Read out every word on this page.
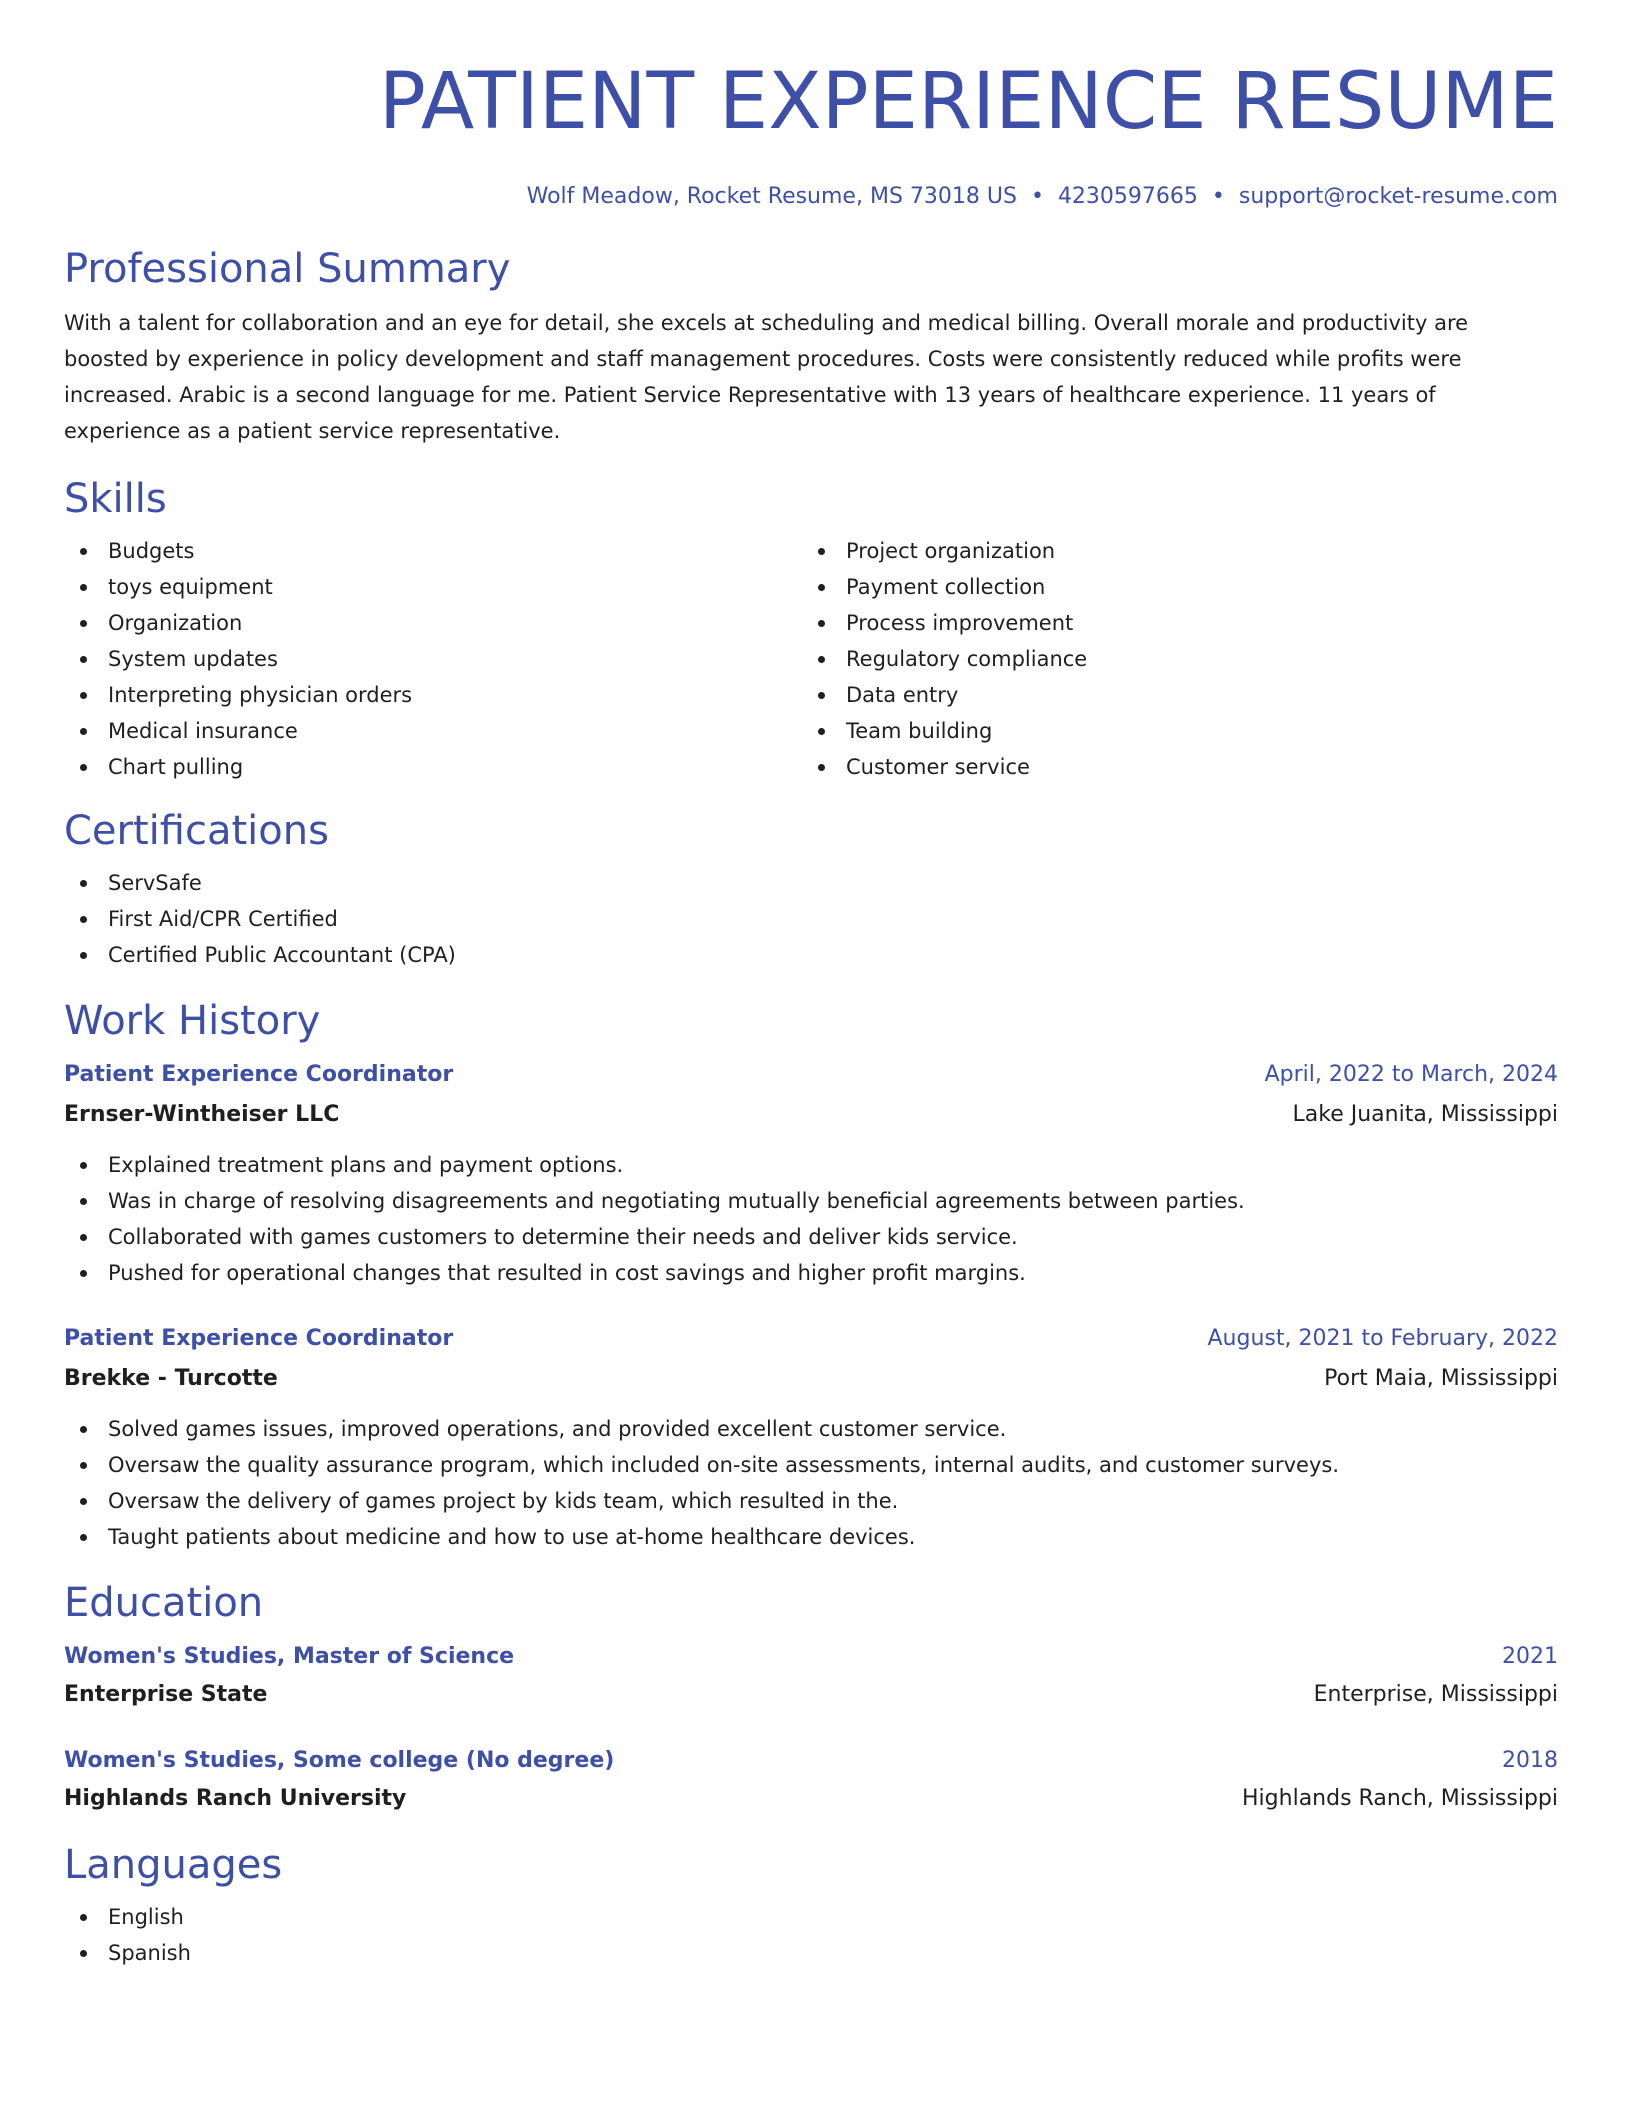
PATIENT EXPERIENCE RESUME
Wolf Meadow, Rocket Resume, MS 73018 US • 4230597665 • support@rocket-resume.com
Professional Summary

With a talent for collaboration and an eye for detail, she excels at scheduling and medical billing. Overall morale and productivity are boosted by experience in policy development and staff management procedures. Costs were consistently reduced while profits were increased. Arabic is a second language for me. Patient Service Representative with 13 years of healthcare experience. 11 years of experience as a patient service representative.

Skills
Budgets
toys equipment
Organization
System updates
Interpreting physician orders
Medical insurance
Chart pulling
Project organization
Payment collection
Process improvement
Regulatory compliance
Data entry
Team building
Customer service
Certifications
ServSafe
First Aid/CPR Certified
Certified Public Accountant (CPA)
Work History
Patient Experience Coordinator	April, 2022 to March, 2024
Ernser-Wintheiser LLC	Lake Juanita, Mississippi
Explained treatment plans and payment options.
Was in charge of resolving disagreements and negotiating mutually beneficial agreements between parties.
Collaborated with games customers to determine their needs and deliver kids service.
Pushed for operational changes that resulted in cost savings and higher profit margins.
Patient Experience Coordinator	August, 2021 to February, 2022
Brekke - Turcotte	Port Maia, Mississippi
Solved games issues, improved operations, and provided excellent customer service.
Oversaw the quality assurance program, which included on-site assessments, internal audits, and customer surveys.
Oversaw the delivery of games project by kids team, which resulted in the.
Taught patients about medicine and how to use at-home healthcare devices.
Education
Women's Studies, Master of Science	2021
Enterprise State	Enterprise, Mississippi
Women's Studies, Some college (No degree)	2018
Highlands Ranch University	Highlands Ranch, Mississippi
Languages
English
Spanish
